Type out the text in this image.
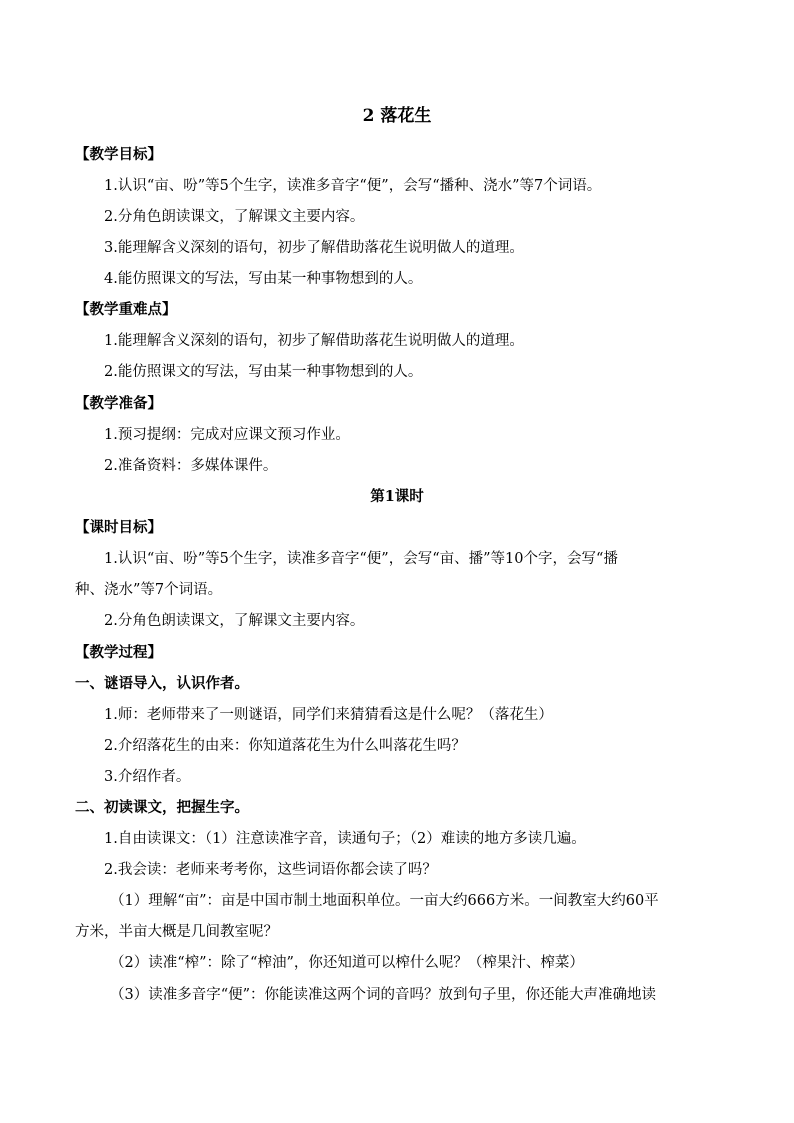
2 落花生
【教学目标】
1.认识“亩、吩”等5个生字，读准多音字“便”，会写“播种、浇水”等7个词语。
2.分角色朗读课文，了解课文主要内容。
3.能理解含义深刻的语句，初步了解借助落花生说明做人的道理。
4.能仿照课文的写法，写由某一种事物想到的人。
【教学重难点】
1.能理解含义深刻的语句，初步了解借助落花生说明做人的道理。
2.能仿照课文的写法，写由某一种事物想到的人。
【教学准备】
1.预习提纲：完成对应课文预习作业。
2.准备资料：多媒体课件。
第1课时
【课时目标】
1.认识“亩、吩”等5个生字，读准多音字“便”，会写“亩、播”等10个字，会写“播
种、浇水”等7个词语。
2.分角色朗读课文，了解课文主要内容。
【教学过程】
一、谜语导入，认识作者。
1.师：老师带来了一则谜语，同学们来猜猜看这是什么呢？（落花生）
2.介绍落花生的由来：你知道落花生为什么叫落花生吗？
3.介绍作者。
二、初读课文，把握生字。
1.自由读课文：（1）注意读准字音，读通句子；（2）难读的地方多读几遍。
2.我会读：老师来考考你，这些词语你都会读了吗？
（1）理解“亩”：亩是中国市制土地面积单位。一亩大约666方米。一间教室大约60平
方米，半亩大概是几间教室呢？
（2）读准“榨”：除了“榨油”，你还知道可以榨什么呢？（榨果汁、榨菜）
（3）读准多音字“便”：你能读准这两个词的音吗？放到句子里，你还能大声准确地读
